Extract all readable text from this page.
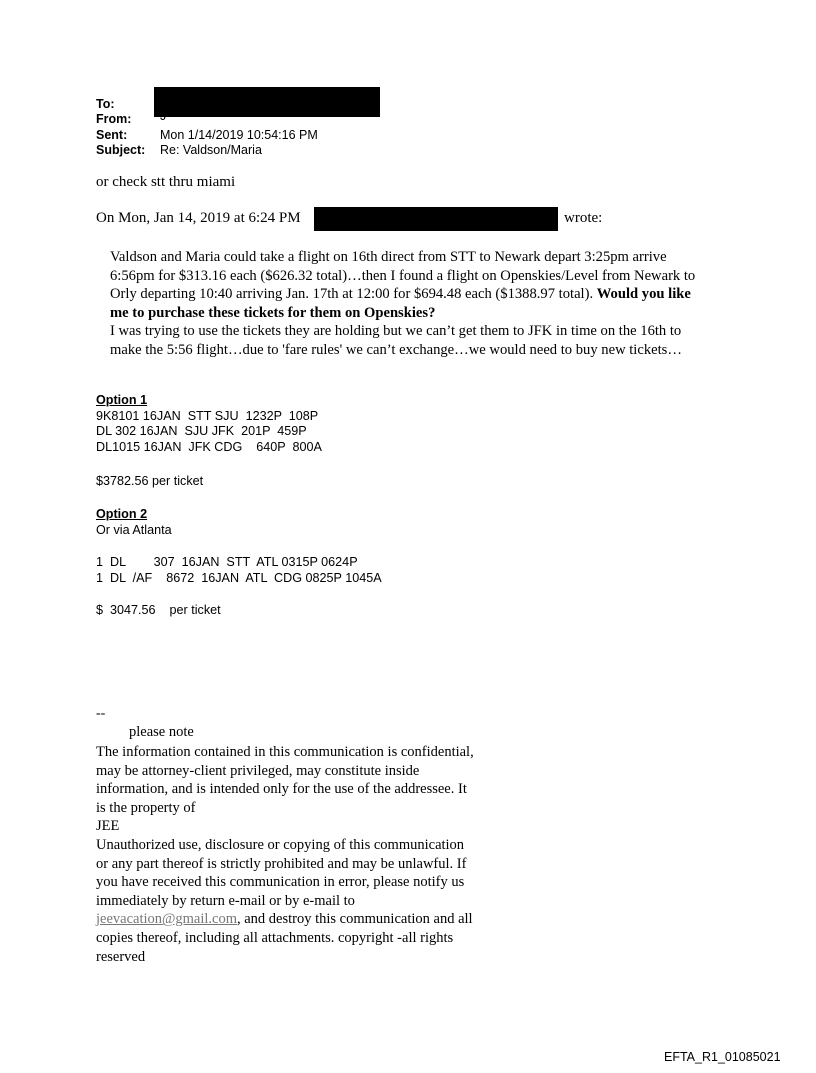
To:
From: J
Sent:	Mon 1/14/2019 10:54:16 PM
Subject: Re: Valdson/Maria
or check stt thru miami
On Mon, Jan 14, 2019 at 6:24 PM	wrote:
Valdson and Maria could take a flight on 16th direct from STT to Newark depart 3:25pm arrive 6:56pm for $313.16 each ($626.32 total)…then I found a flight on Openskies/Level from Newark to Orly departing 10:40 arriving Jan. 17th at 12:00 for $694.48 each ($1388.97 total). Would you like me to purchase these tickets for them on Openskies?
I was trying to use the tickets they are holding but we can’t get them to JFK in time on the 16th to make the 5:56 flight…due to 'fare rules' we can’t exchange…we would need to buy new tickets…
Option 1
9K8101 16JAN  STT SJU  1232P  108P
DL 302 16JAN  SJU JFK  201P  459P
DL1015 16JAN  JFK CDG    640P  800A
$3782.56 per ticket
Option 2
Or via Atlanta
1  DL        307  16JAN  STT  ATL 0315P 0624P
1  DL  /AF    8672  16JAN  ATL  CDG 0825P 1045A
$  3047.56    per ticket
--
please note
The information contained in this communication is confidential, may be attorney-client privileged, may constitute inside information, and is intended only for the use of the addressee. It is the property of
JEE
Unauthorized use, disclosure or copying of this communication or any part thereof is strictly prohibited and may be unlawful. If you have received this communication in error, please notify us immediately by return e-mail or by e-mail to jeevacation@gmail.com, and destroy this communication and all copies thereof, including all attachments. copyright -all rights reserved
EFTA_R1_01085021
